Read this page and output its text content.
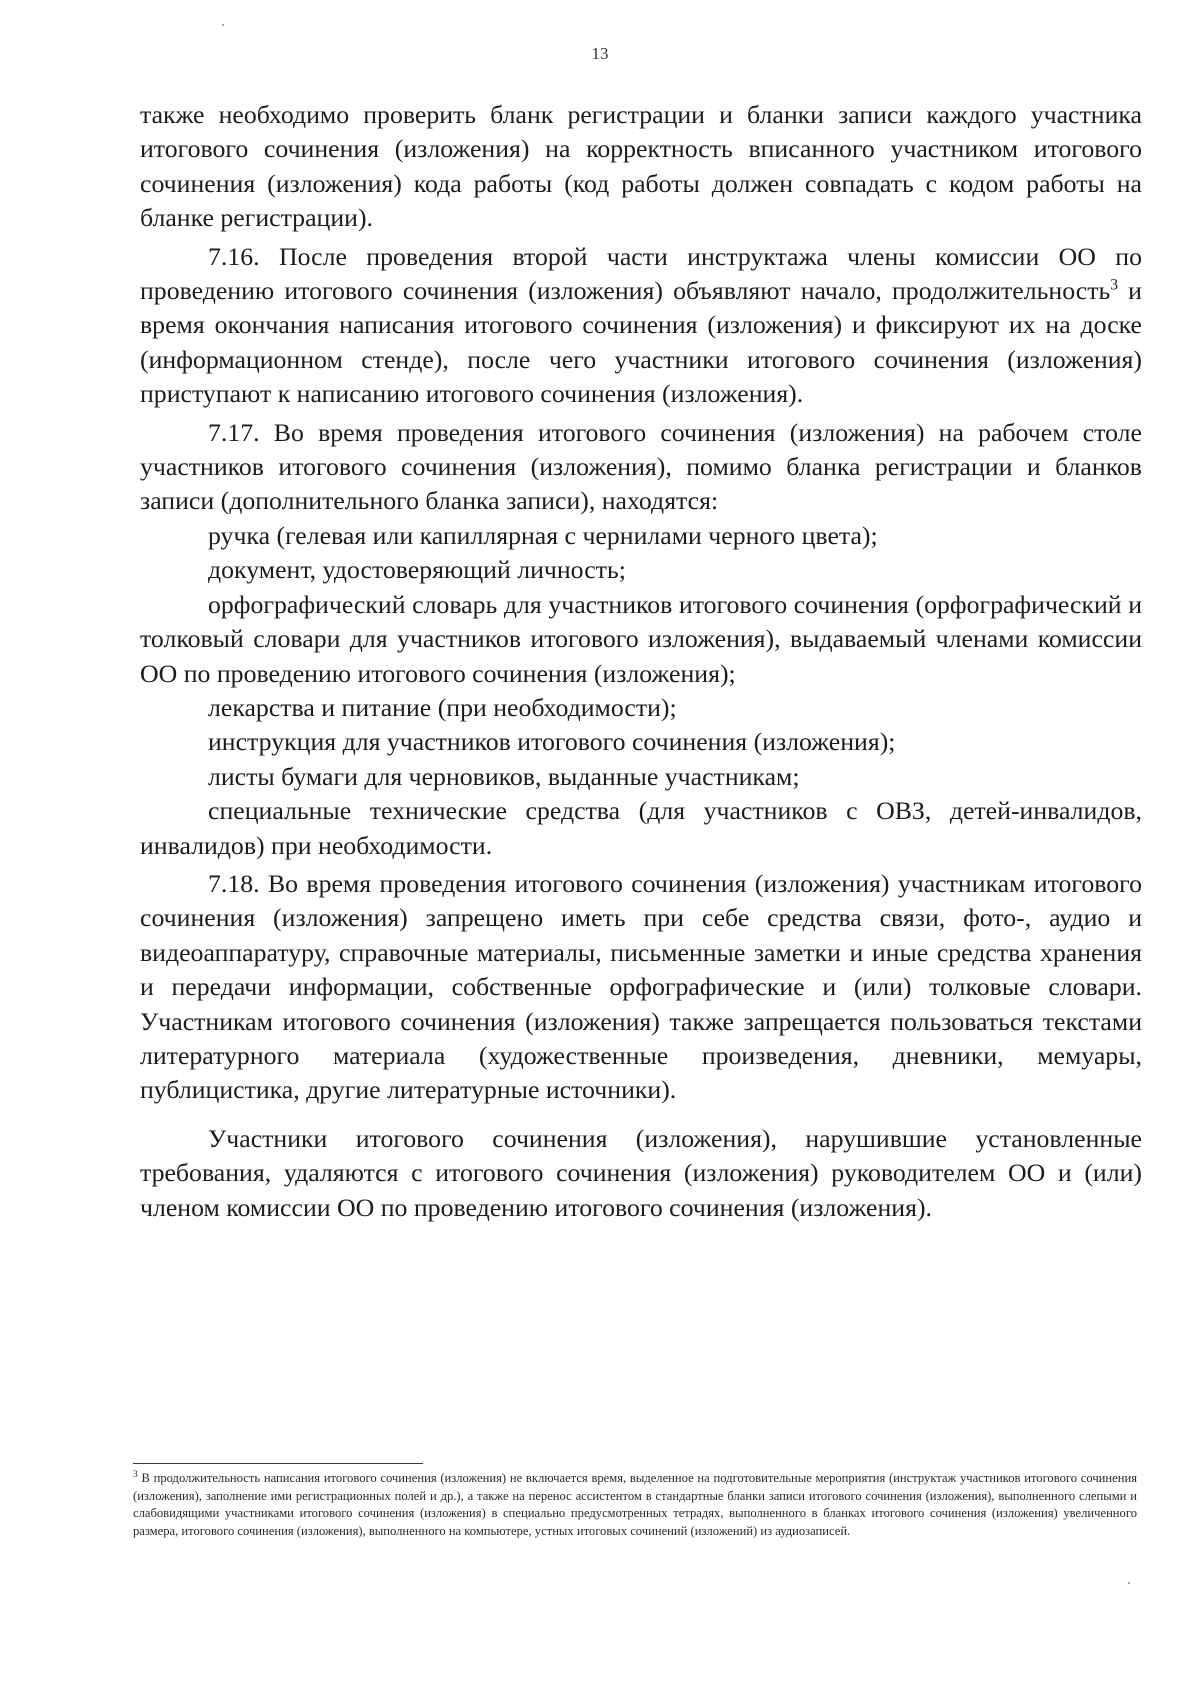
13

также необходимо проверить бланк регистрации и бланки записи каждого участника итогового сочинения (изложения) на корректность вписанного участником итогового сочинения (изложения) кода работы (код работы должен совпадать с кодом работы на бланке регистрации).

7.16. После проведения второй части инструктажа члены комиссии ОО по проведению итогового сочинения (изложения) объявляют начало, продолжительность$^3$ и время окончания написания итогового сочинения (изложения) и фиксируют их на доске (информационном стенде), после чего участники итогового сочинения (изложения) приступают к написанию итогового сочинения (изложения).

7.17. Во время проведения итогового сочинения (изложения) на рабочем столе участников итогового сочинения (изложения), помимо бланка регистрации и бланков записи (дополнительного бланка записи), находятся:

ручка (гелевая или капиллярная с чернилами черного цвета);

документ, удостоверяющий личность;

орфографический словарь для участников итогового сочинения (орфографический и толковый словари для участников итогового изложения), выдаваемый членами комиссии ОО по проведению итогового сочинения (изложения);

лекарства и питание (при необходимости);

инструкция для участников итогового сочинения (изложения);

листы бумаги для черновиков, выданные участникам;

специальные технические средства (для участников с ОВЗ, детей-инвалидов, инвалидов) при необходимости.

7.18. Во время проведения итогового сочинения (изложения) участникам итогового сочинения (изложения) запрещено иметь при себе средства связи, фото-, аудио и видеоаппаратуру, справочные материалы, письменные заметки и иные средства хранения и передачи информации, собственные орфографические и (или) толковые словари. Участникам итогового сочинения (изложения) также запрещается пользоваться текстами литературного материала (художественные произведения, дневники, мемуары, публицистика, другие литературные источники).

Участники итогового сочинения (изложения), нарушившие установленные требования, удаляются с итогового сочинения (изложения) руководителем ОО и (или) членом комиссии ОО по проведению итогового сочинения (изложения).

$^3$ В продолжительность написания итогового сочинения (изложения) не включается время, выделенное на подготовительные мероприятия (инструктаж участников итогового сочинения (изложения), заполнение ими регистрационных полей и др.), а также на перенос ассистентом в стандартные бланки записи итогового сочинения (изложения), выполненного слепыми и слабовидящими участниками итогового сочинения (изложения) в специально предусмотренных тетрадях, выполненного в бланках итогового сочинения (изложения) увеличенного размера, итогового сочинения (изложения), выполненного на компьютере, устных итоговых сочинений (изложений) из аудиозаписей.
